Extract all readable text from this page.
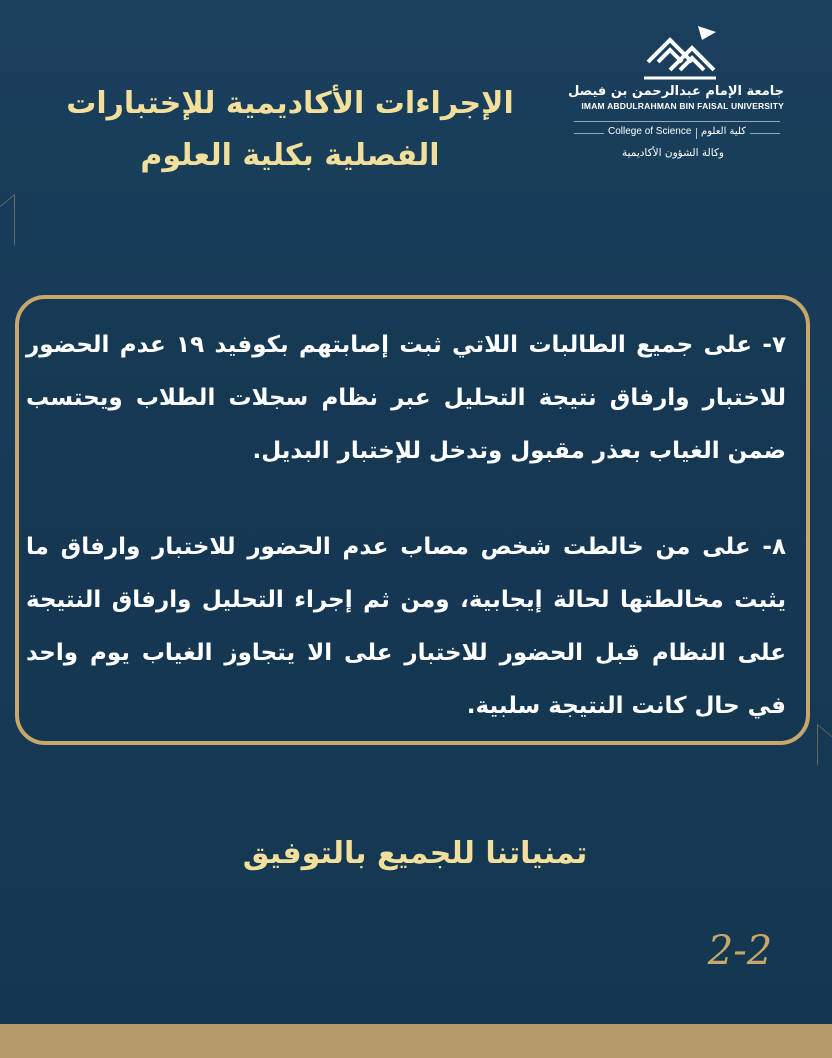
جامعة الإمام عبدالرحمن بن فيصل
IMAM ABDULRAHMAN BIN FAISAL UNIVERSITY
College of Science كلية العلوم
وكالة الشؤون الأكاديمية
الإجراءات الأكاديمية للإختبارات
الفصلية بكلية العلوم

٧- على جميع الطالبات اللاتي ثبت إصابتهم بكوفيد ١٩ عدم الحضور للاختبار وارفاق نتيجة التحليل عبر نظام سجلات الطلاب ويحتسب ضمن الغياب بعذر مقبول وتدخل للإختبار البديل.

٨- على من خالطت شخص مصاب عدم الحضور للاختبار وارفاق ما يثبت مخالطتها لحالة إيجابية، ومن ثم إجراء التحليل وارفاق النتيجة على النظام قبل الحضور للاختبار على الا يتجاوز الغياب يوم واحد في حال كانت النتيجة سلبية.

تمنياتنا للجميع بالتوفيق

2-2
